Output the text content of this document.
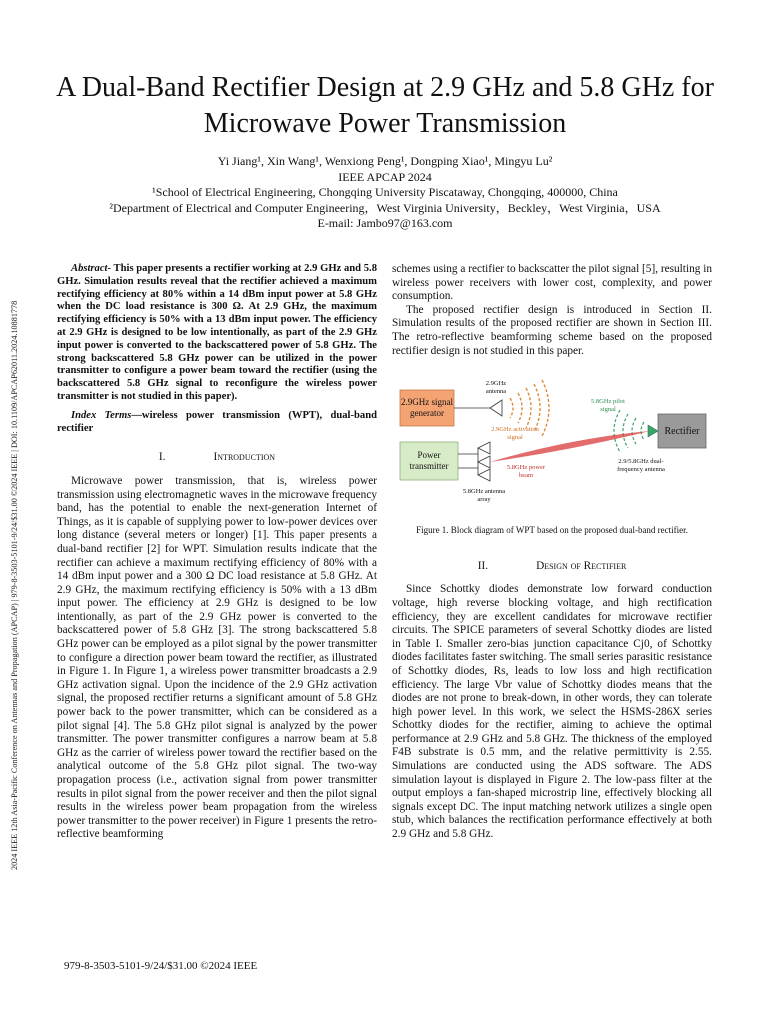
2024 IEEE 12th Asia-Pacific Conference on Antennas and Propagation (APCAP) | 979-8-3503-5101-9/24/$31.00 ©2024 IEEE | DOI: 10.1109/APCAP62011.2024.10881778
A Dual-Band Rectifier Design at 2.9 GHz and 5.8 GHz for Microwave Power Transmission
Yi Jiang¹, Xin Wang¹, Wenxiong Peng¹, Dongping Xiao¹, Mingyu Lu²
IEEE APCAP 2024
¹School of Electrical Engineering, Chongqing University Piscataway, Chongqing, 400000, China
²Department of Electrical and Computer Engineering，West Virginia University，Beckley，West Virginia，USA
E-mail: Jambo97@163.com

Abstract- This paper presents a rectifier working at 2.9 GHz and 5.8 GHz. Simulation results reveal that the rectifier achieved a maximum rectifying efficiency at 80% within a 14 dBm input power at 5.8 GHz when the DC load resistance is 300 Ω. At 2.9 GHz, the maximum rectifying efficiency is 50% with a 13 dBm input power. The efficiency at 2.9 GHz is designed to be low intentionally, as part of the 2.9 GHz input power is converted to the backscattered power of 5.8 GHz. The strong backscattered 5.8 GHz power can be utilized in the power transmitter to configure a power beam toward the rectifier (using the backscattered 5.8 GHz signal to reconfigure the wireless power transmitter is not studied in this paper).

Index Terms—wireless power transmission (WPT), dual-band rectifier

I.	Introduction

Microwave power transmission, that is, wireless power transmission using electromagnetic waves in the microwave frequency band, has the potential to enable the next-generation Internet of Things, as it is capable of supplying power to low-power devices over long distance (several meters or longer) [1]. This paper presents a dual-band rectifier [2] for WPT. Simulation results indicate that the rectifier can achieve a maximum rectifying efficiency of 80% with a 14 dBm input power and a 300 Ω DC load resistance at 5.8 GHz. At 2.9 GHz, the maximum rectifying efficiency is 50% with a 13 dBm input power. The efficiency at 2.9 GHz is designed to be low intentionally, as part of the 2.9 GHz power is converted to the backscattered power of 5.8 GHz [3]. The strong backscattered 5.8 GHz power can be employed as a pilot signal by the power transmitter to configure a direction power beam toward the rectifier, as illustrated in Figure 1. In Figure 1, a wireless power transmitter broadcasts a 2.9 GHz activation signal. Upon the incidence of the 2.9 GHz activation signal, the proposed rectifier returns a significant amount of 5.8 GHz power back to the power transmitter, which can be considered as a pilot signal [4]. The 5.8 GHz pilot signal is analyzed by the power transmitter. The power transmitter configures a narrow beam at 5.8 GHz as the carrier of wireless power toward the rectifier based on the analytical outcome of the 5.8 GHz pilot signal. The two-way propagation process (i.e., activation signal from power transmitter results in pilot signal from the power receiver and then the pilot signal results in the wireless power beam propagation from the wireless power transmitter to the power receiver) in Figure 1 presents the retro-reflective beamforming

schemes using a rectifier to backscatter the pilot signal [5], resulting in wireless power receivers with lower cost, complexity, and power consumption.

The proposed rectifier design is introduced in Section II. Simulation results of the proposed rectifier are shown in Section III. The retro-reflective beamforming scheme based on the proposed rectifier design is not studied in this paper.

2.9GHz signal generator
Power transmitter
Rectifier
2.9GHz antenna
5.8GHz antenna array
2.9GHz activation signal
5.8GHz pilot signal
5.8GHz power beam
2.9/5.8GHz dual-frequency antenna

Figure 1. Block diagram of WPT based on the proposed dual-band rectifier.

II.	Design of Rectifier

Since Schottky diodes demonstrate low forward conduction voltage, high reverse blocking voltage, and high rectification efficiency, they are excellent candidates for microwave rectifier circuits. The SPICE parameters of several Schottky diodes are listed in Table I. Smaller zero-bias junction capacitance Cj0, of Schottky diodes facilitates faster switching. The small series parasitic resistance of Schottky diodes, Rs, leads to low loss and high rectification efficiency. The large Vbr value of Schottky diodes means that the diodes are not prone to break-down, in other words, they can tolerate high power level. In this work, we select the HSMS-286X series Schottky diodes for the rectifier, aiming to achieve the optimal performance at 2.9 GHz and 5.8 GHz. The thickness of the employed F4B substrate is 0.5 mm, and the relative permittivity is 2.55. Simulations are conducted using the ADS software. The ADS simulation layout is displayed in Figure 2. The low-pass filter at the output employs a fan-shaped microstrip line, effectively blocking all signals except DC. The input matching network utilizes a single open stub, which balances the rectification performance effectively at both 2.9 GHz and 5.8 GHz.

979-8-3503-5101-9/24/$31.00 ©2024 IEEE
